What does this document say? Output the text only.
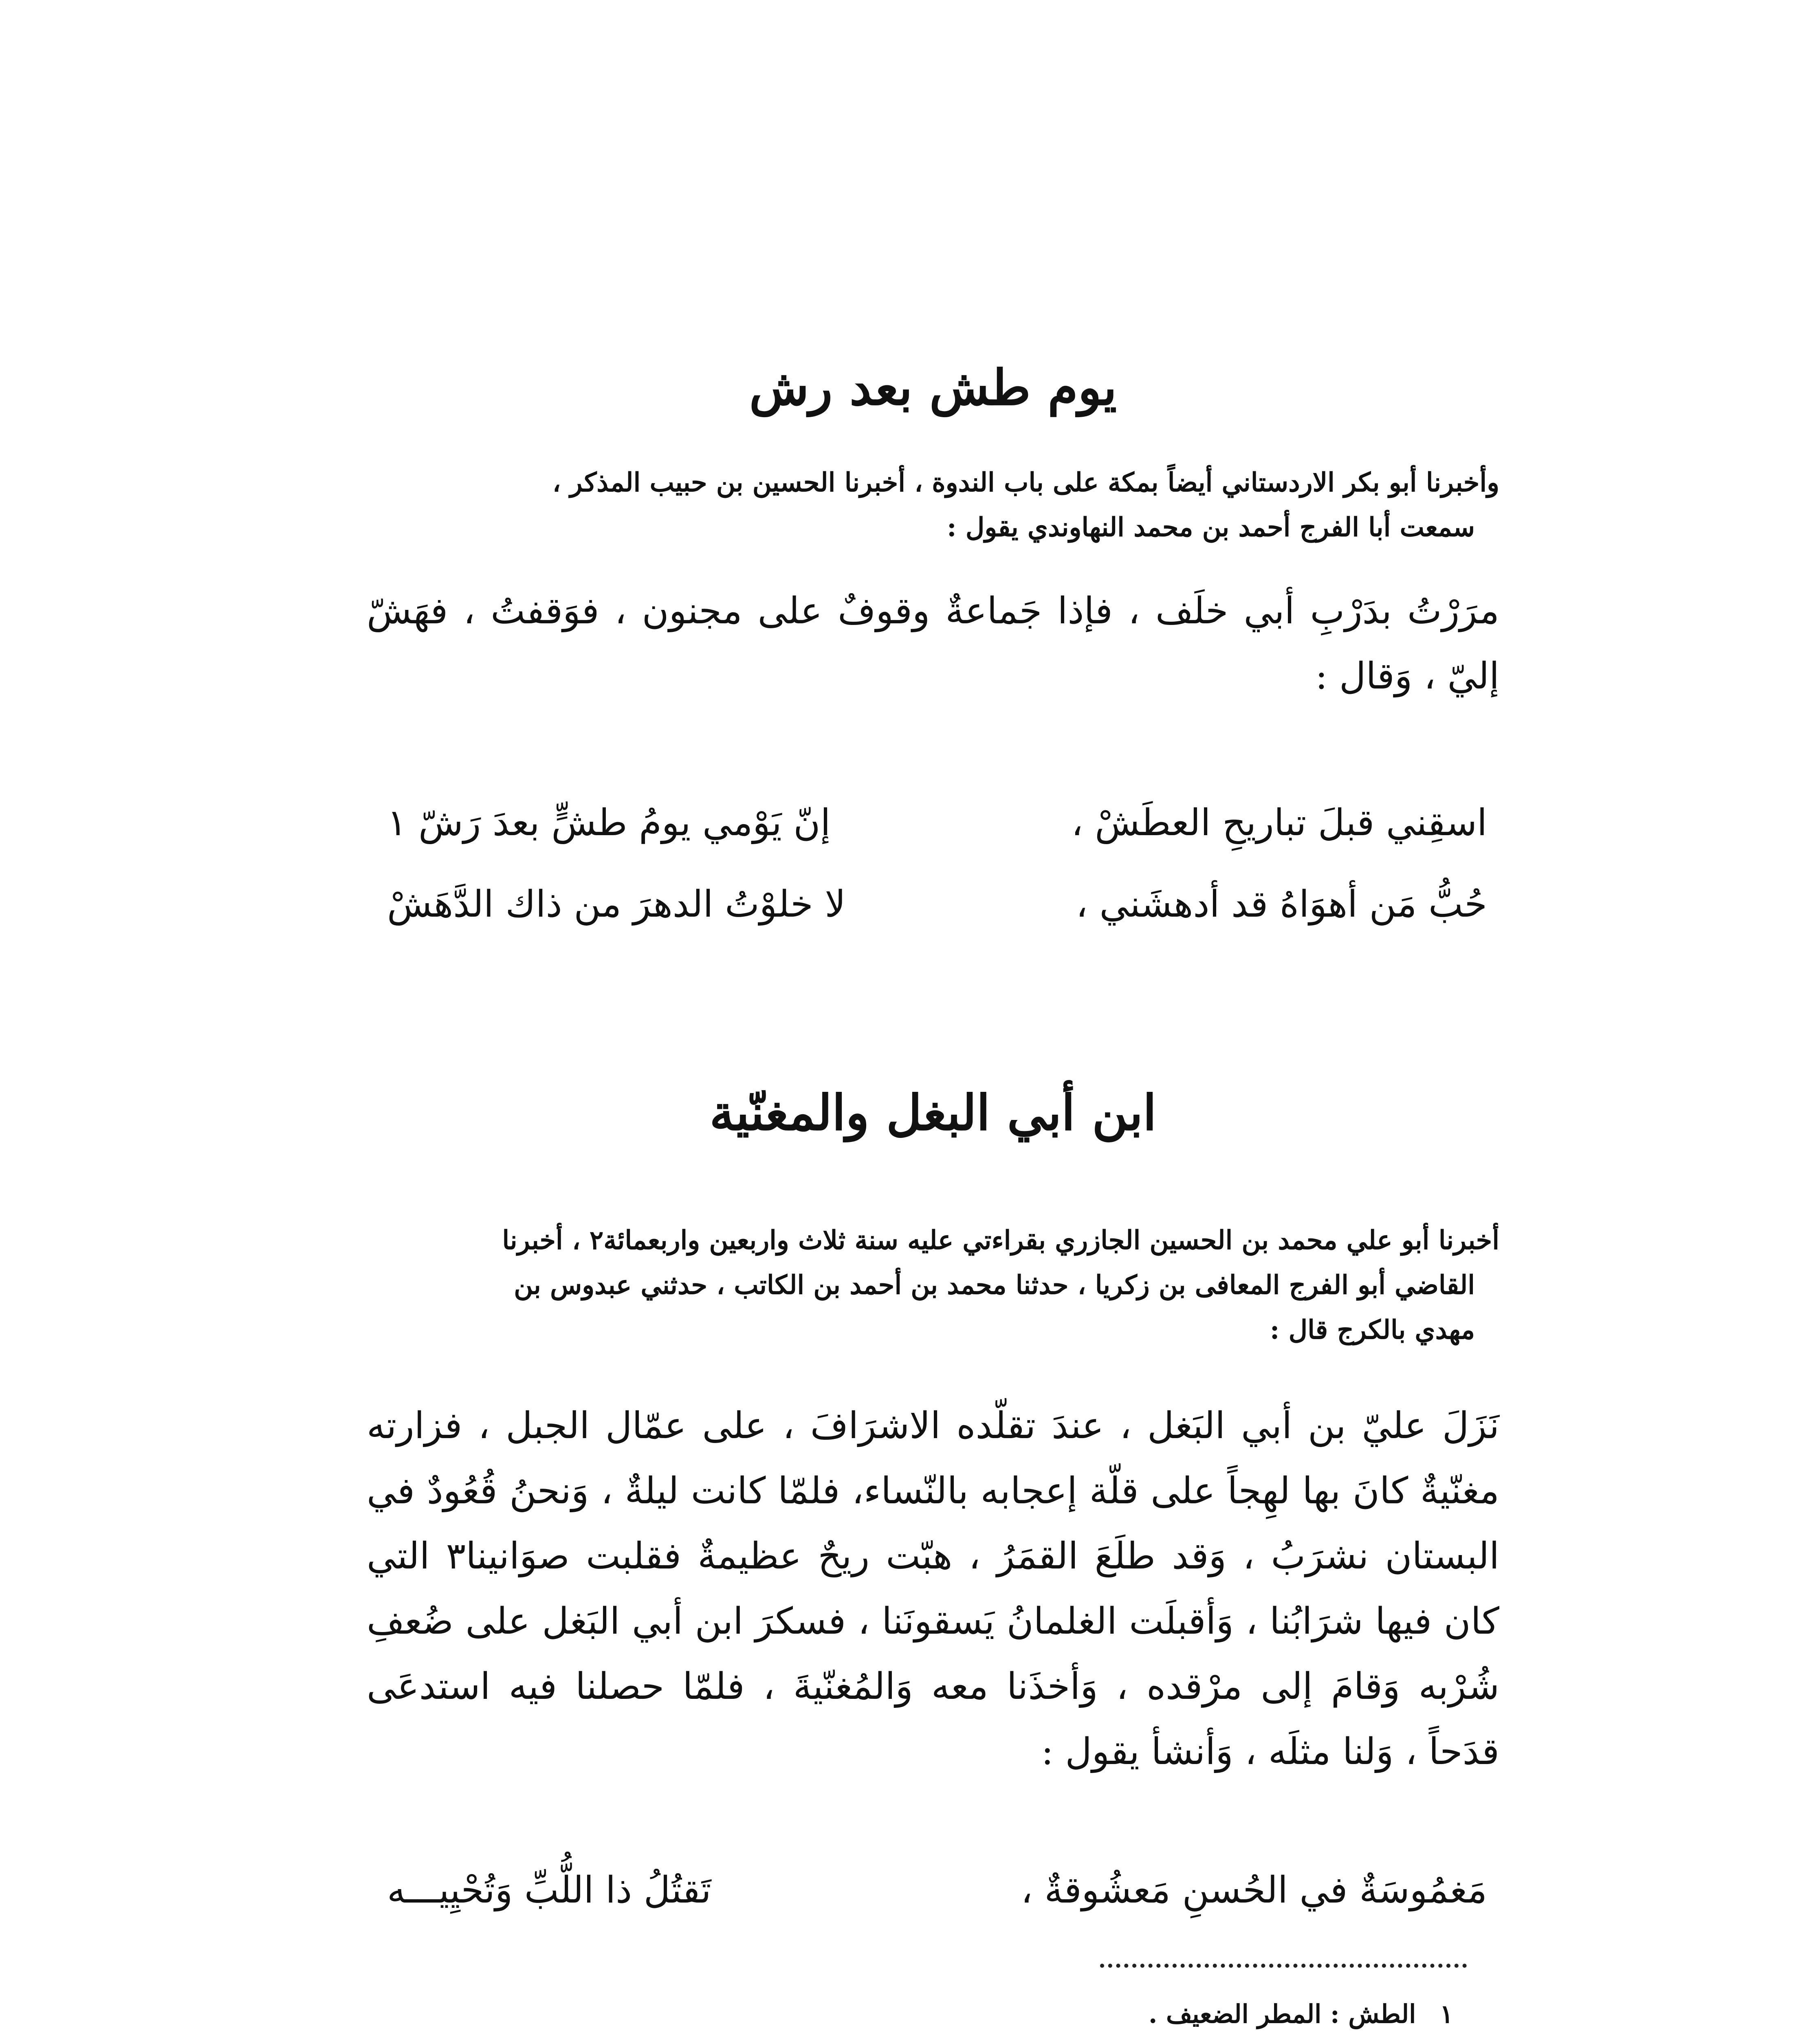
يوم طش بعد رش
وأخبرنا أبو بكر الاردستاني أيضاً بمكة على باب الندوة ، أخبرنا الحسين بن حبيب المذكر ،
سمعت أبا الفرج أحمد بن محمد النهاوندي يقول :
مرَرْتُ بدَرْبِ أبي خلَف ، فإذا جَماعةٌ وقوفٌ على مجنون ، فوَقفتُ ، فهَشّ إليّ ، وَقال :
اسقِني قبلَ تباريحِ العطَشْ ،
إنّ يَوْمي يومُ طشٍّ بعدَ رَشّ ١
حُبُّ مَن أهوَاهُ قد أدهشَني ،
لا خلوْتُ الدهرَ من ذاك الدَّهَشْ
ابن أبي البغل والمغنّية
أخبرنا أبو علي محمد بن الحسين الجازري بقراءتي عليه سنة ثلاث واربعين واربعمائة٢ ، أخبرنا
القاضي أبو الفرج المعافى بن زكريا ، حدثنا محمد بن أحمد بن الكاتب ، حدثني عبدوس بن
مهدي بالكرج قال :
نَزَلَ عليّ بن أبي البَغل ، عندَ تقلّده الاشرَافَ ، على عمّال الجبل ، فزارته مغنّيةٌ كانَ بها لهِجاً على قلّة إعجابه بالنّساء، فلمّا كانت ليلةٌ ، وَنحنُ قُعُودٌ في البستان نشرَبُ ، وَقد طلَعَ القمَرُ ، هبّت ريحٌ عظيمةٌ فقلبت صوَانينا٣ التي كان فيها شرَابُنا ، وَأقبلَت الغلمانُ يَسقونَنا ، فسكرَ ابن أبي البَغل على ضُعفِ شُرْبه وَقامَ إلى مرْقده ، وَأخذَنا معه وَالمُغنّيةَ ، فلمّا حصلنا فيه استدعَى قدَحاً ، وَلنا مثلَه ، وَأنشأ يقول :
مَغمُوسَةٌ في الحُسنِ مَعشُوقةٌ ،
تَقتُلُ ذا اللُّبِّ وَتُحْيِيـــه
١ الطش : المطر الضعيف .
